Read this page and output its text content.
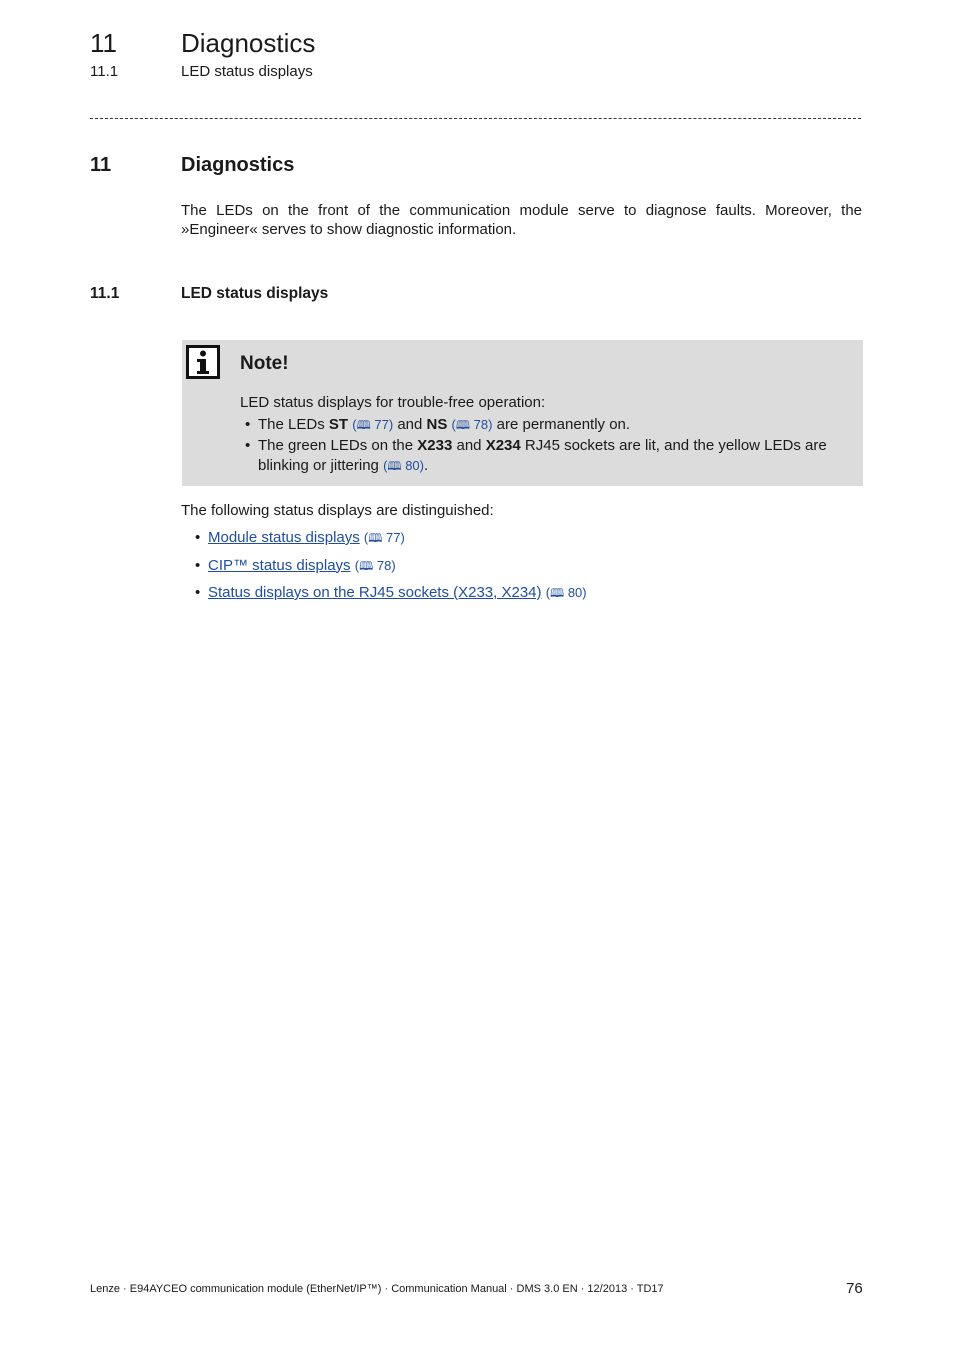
11 Diagnostics
11.1	LED status displays
11	Diagnostics
The LEDs on the front of the communication module serve to diagnose faults. Moreover, the »Engineer« serves to show diagnostic information.
11.1	LED status displays
Note!
LED status displays for trouble-free operation:
• The LEDs ST (🕮 77) and NS (🕮 78) are permanently on.
• The green LEDs on the X233 and X234 RJ45 sockets are lit, and the yellow LEDs are blinking or jittering (🕮 80).
The following status displays are distinguished:
• Module status displays (🕮 77)
• CIP™ status displays (🕮 78)
• Status displays on the RJ45 sockets (X233, X234) (🕮 80)
Lenze · E94AYCEO communication module (EtherNet/IP™) · Communication Manual · DMS 3.0 EN · 12/2013 · TD17	76
